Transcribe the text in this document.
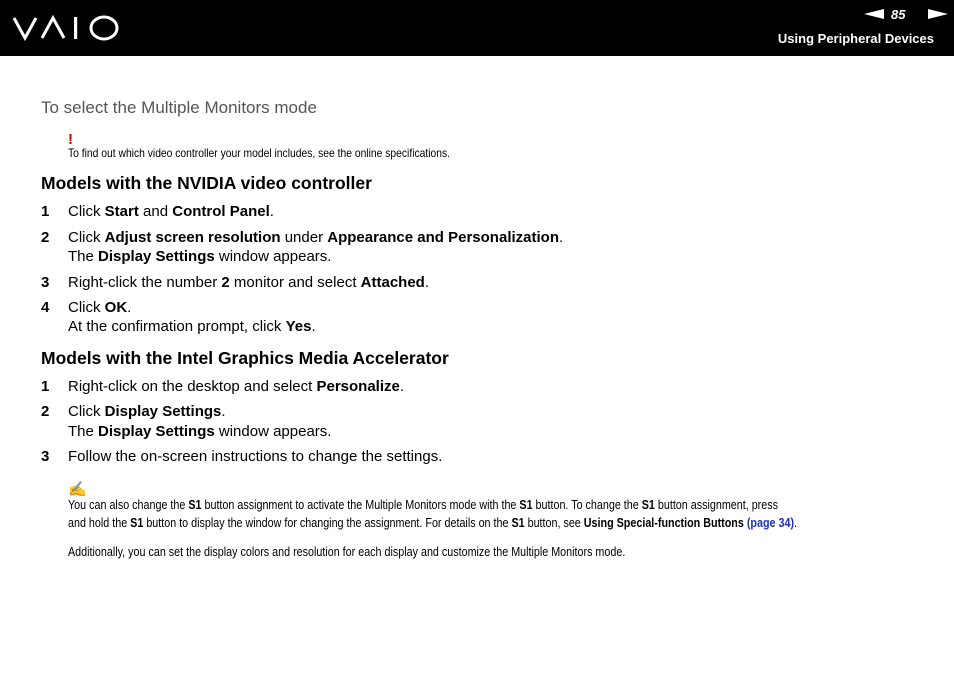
85
Using Peripheral Devices
To select the Multiple Monitors mode
!
To find out which video controller your model includes, see the online specifications.
Models with the NVIDIA video controller
1 Click Start and Control Panel.
2 Click Adjust screen resolution under Appearance and Personalization.
The Display Settings window appears.
3 Right-click the number 2 monitor and select Attached.
4 Click OK.
At the confirmation prompt, click Yes.
Models with the Intel Graphics Media Accelerator
1 Right-click on the desktop and select Personalize.
2 Click Display Settings.
The Display Settings window appears.
3 Follow the on-screen instructions to change the settings.
✍
You can also change the S1 button assignment to activate the Multiple Monitors mode with the S1 button. To change the S1 button assignment, press
and hold the S1 button to display the window for changing the assignment. For details on the S1 button, see Using Special-function Buttons (page 34).
Additionally, you can set the display colors and resolution for each display and customize the Multiple Monitors mode.
